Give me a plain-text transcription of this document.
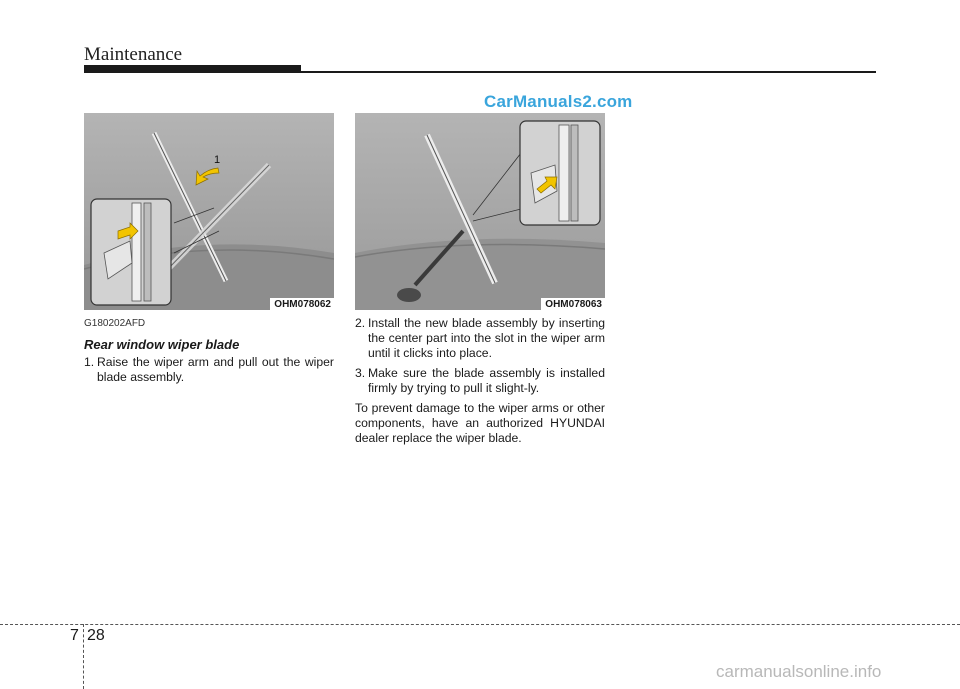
Maintenance
CarManuals2.com
1
OHM078062	OHM078063
G180202AFD
Rear window wiper blade
1. Raise the wiper arm and pull out the wiper blade assembly.
2. Install the new blade assembly by inserting the center part into the slot in the wiper arm until it clicks into place.
3. Make sure the blade assembly is installed firmly by trying to pull it slight-ly.

To prevent damage to the wiper arms or other components, have an authorized HYUNDAI dealer replace the wiper blade.

7 28
carmanualsonline.info
